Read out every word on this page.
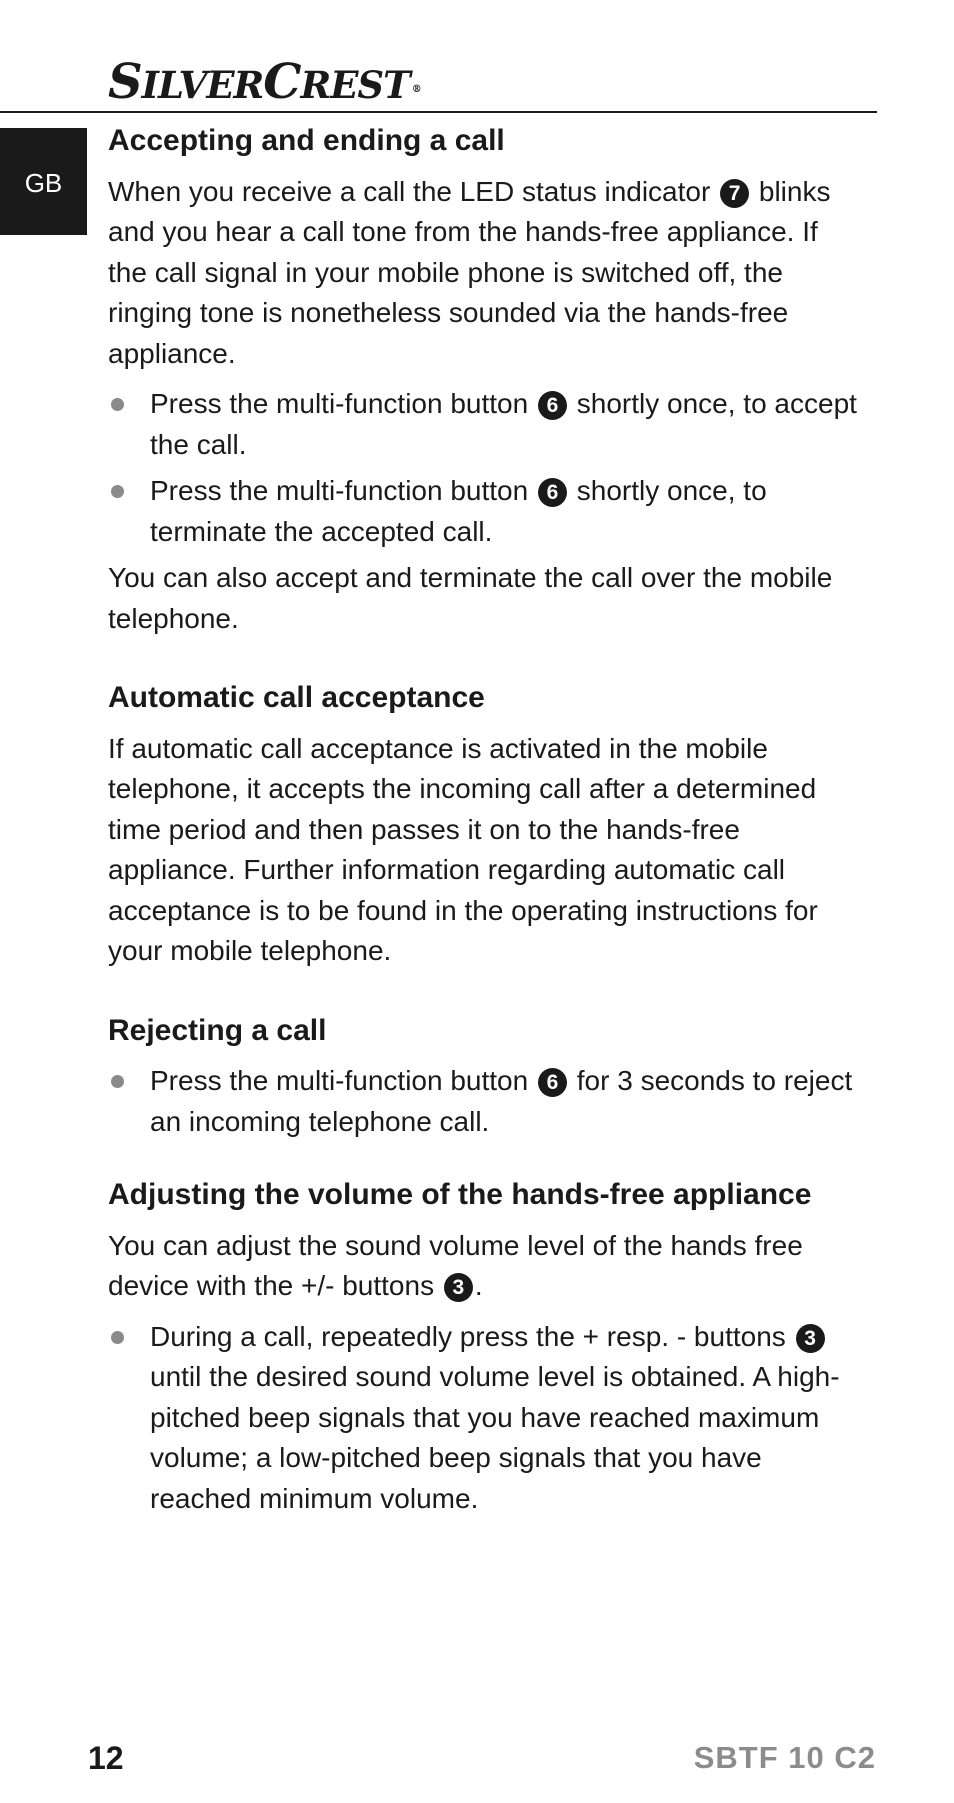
SILVERCREST ®
GB
Accepting and ending a call

When you receive a call the LED status indicator 7 blinks and you hear a call tone from the hands-free appliance. If the call signal in your mobile phone is switched off, the ringing tone is nonetheless sounded via the hands-free appliance.

Press the multi-function button 6 shortly once, to accept the call.
Press the multi-function button 6 shortly once, to terminate the accepted call.

You can also accept and terminate the call over the mobile telephone.

Automatic call acceptance

If automatic call acceptance is activated in the mobile telephone, it accepts the incoming call after a determined time period and then passes it on to the hands-free appliance. Further information regarding automatic call acceptance is to be found in the operating instructions for your mobile telephone.

Rejecting a call
Press the multi-function button 6 for 3 seconds to reject an incoming telephone call.
Adjusting the volume of the hands-free appliance

You can adjust the sound volume level of the hands free device with the +/- buttons 3 .

During a call, repeatedly press the + resp. - buttons 3 until the desired sound volume level is obtained. A high-pitched beep signals that you have reached maximum volume; a low-pitched beep signals that you have reached minimum volume.
12	SBTF 10 C2
